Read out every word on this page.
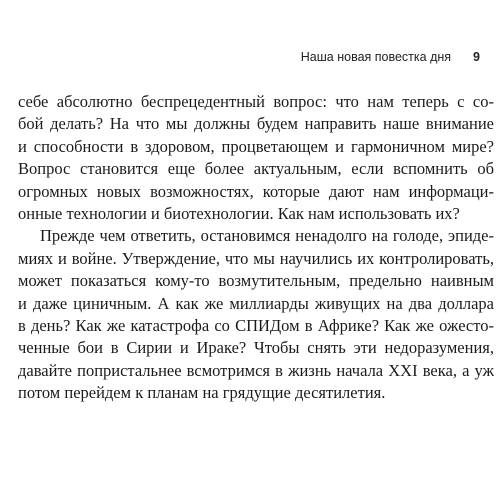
Наша новая повестка дня 9
себе абсолютно беспрецедентный вопрос: что нам теперь с со-
бой делать? На что мы должны будем направить наше внимание
и способности в здоровом, процветающем и гармоничном мире?
Вопрос становится еще более актуальным, если вспомнить об
огромных новых возможностях, которые дают нам информаци-
онные технологии и биотехнологии. Как нам использовать их?
Прежде чем ответить, остановимся ненадолго на голоде, эпиде-
миях и войне. Утверждение, что мы научились их контролировать,
может показаться кому-то возмутительным, предельно наивным
и даже циничным. А как же миллиарды живущих на два доллара
в день? Как же катастрофа со СПИДом в Африке? Как же ожесто-
ченные бои в Сирии и Ираке? Чтобы снять эти недоразумения,
давайте попристальнее всмотримся в жизнь начала XXI века, а уж
потом перейдем к планам на грядущие десятилетия.
